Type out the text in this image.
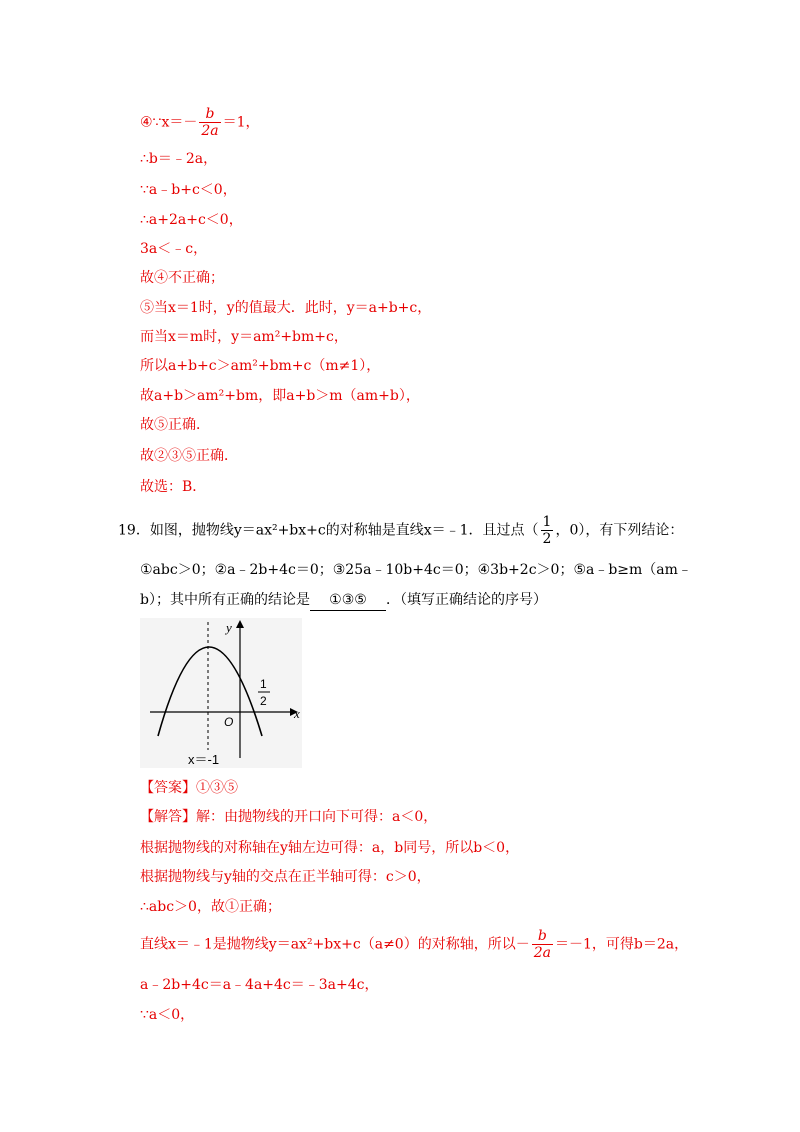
④∵x＝－ $\frac{b}{2a} =1$，
∴b＝﹣2a，
∵a﹣b+c＜0，
∴a+2a+c＜0，
3a＜﹣c，
故④不正确；
⑤当x＝1时，y的值最大．此时，y＝a+b+c，
而当x＝m时，y＝am²+bm+c，
所以a+b+c＞am²+bm+c（m≠1），
故a+b＞am²+bm，即a+b＞m（am+b），
故⑤正确．
故②③⑤正确．
故选：B．
19．如图，抛物线y＝ax²+bx+c的对称轴是直线x＝﹣1．且过点（ $\frac{1}{2}$ ，0），有下列结论：
①abc＞0；②a﹣2b+4c＝0；③25a﹣10b+4c＝0；④3b+2c＞0；⑤a﹣b≥m（am﹣
b）；其中所有正确的结论是 ①③⑤ ．（填写正确结论的序号）
y
x
O
1
2
x＝-1
【答案】①③⑤
【解答】解：由抛物线的开口向下可得：a＜0，
根据抛物线的对称轴在y轴左边可得：a，b同号，所以b＜0，
根据抛物线与y轴的交点在正半轴可得：c＞0，
∴abc＞0，故①正确；
直线x＝﹣1是抛物线y＝ax²+bx+c（a≠0）的对称轴，所以－ $\frac{b}{2a} =-1$，可得b＝2a，
a﹣2b+4c＝a﹣4a+4c＝﹣3a+4c，
∵a＜0，
